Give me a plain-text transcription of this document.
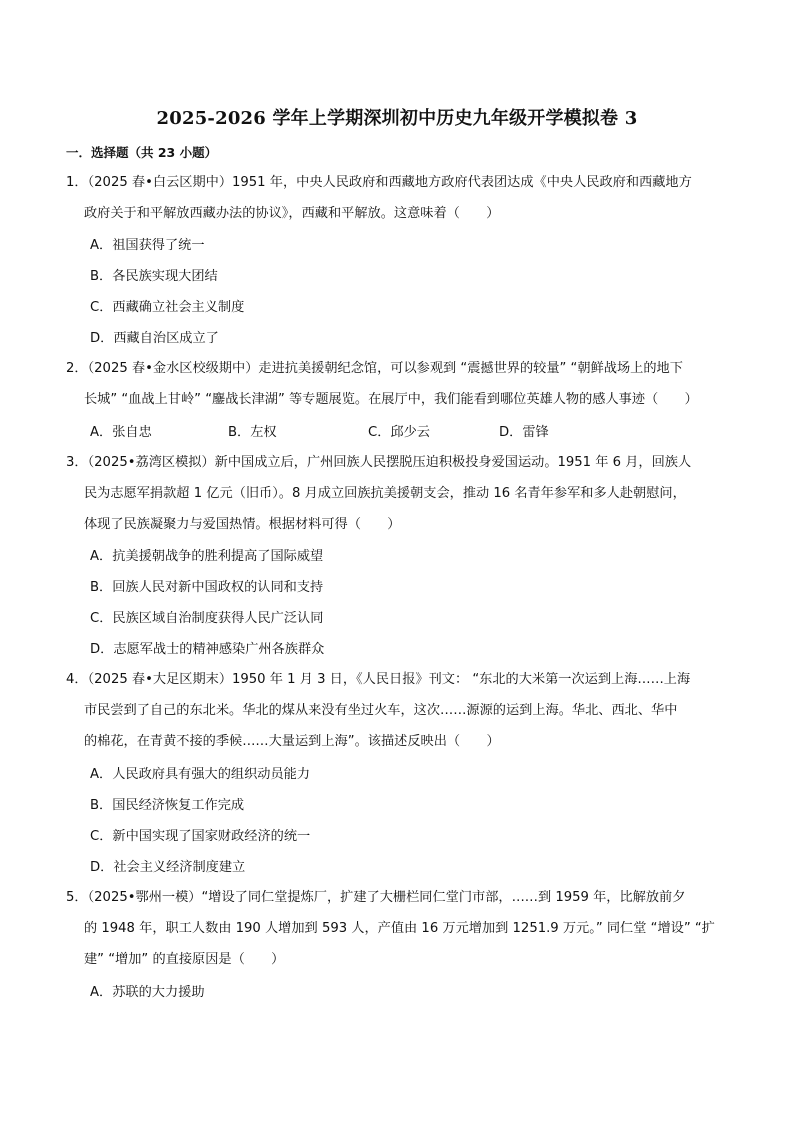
2025-2026 学年上学期深圳初中历史九年级开学模拟卷 3
一．选择题（共 23 小题）
1．（2025 春•白云区期中）1951 年，中央人民政府和西藏地方政府代表团达成《中央人民政府和西藏地方
政府关于和平解放西藏办法的协议》，西藏和平解放。这意味着（　　）
A．祖国获得了统一
B．各民族实现大团结
C．西藏确立社会主义制度
D．西藏自治区成立了
2．（2025 春•金水区校级期中）走进抗美援朝纪念馆，可以参观到 “震撼世界的较量” “朝鲜战场上的地下
长城” “血战上甘岭” “鏖战长津湖” 等专题展览。在展厅中，我们能看到哪位英雄人物的感人事迹（　　）
A．张自忠	B．左权	C．邱少云	D．雷锋
3．（2025•荔湾区模拟）新中国成立后，广州回族人民摆脱压迫积极投身爱国运动。1951 年 6 月，回族人
民为志愿军捐款超 1 亿元（旧币）。8 月成立回族抗美援朝支会，推动 16 名青年参军和多人赴朝慰问，
体现了民族凝聚力与爱国热情。根据材料可得（　　）
A．抗美援朝战争的胜利提高了国际威望
B．回族人民对新中国政权的认同和支持
C．民族区域自治制度获得人民广泛认同
D．志愿军战士的精神感染广州各族群众
4．（2025 春•大足区期末）1950 年 1 月 3 日，《人民日报》刊文： “东北的大米第一次运到上海……上海
市民尝到了自己的东北米。华北的煤从来没有坐过火车，这次……源源的运到上海。华北、西北、华中
的棉花，在青黄不接的季候……大量运到上海”。该描述反映出（　　）
A．人民政府具有强大的组织动员能力
B．国民经济恢复工作完成
C．新中国实现了国家财政经济的统一
D．社会主义经济制度建立
5．（2025•鄂州一模）“增设了同仁堂提炼厂，扩建了大栅栏同仁堂门市部，……到 1959 年，比解放前夕
的 1948 年，职工人数由 190 人增加到 593 人，产值由 16 万元增加到 1251.9 万元。” 同仁堂 “增设” “扩
建” “增加” 的直接原因是（　　）
A．苏联的大力援助
